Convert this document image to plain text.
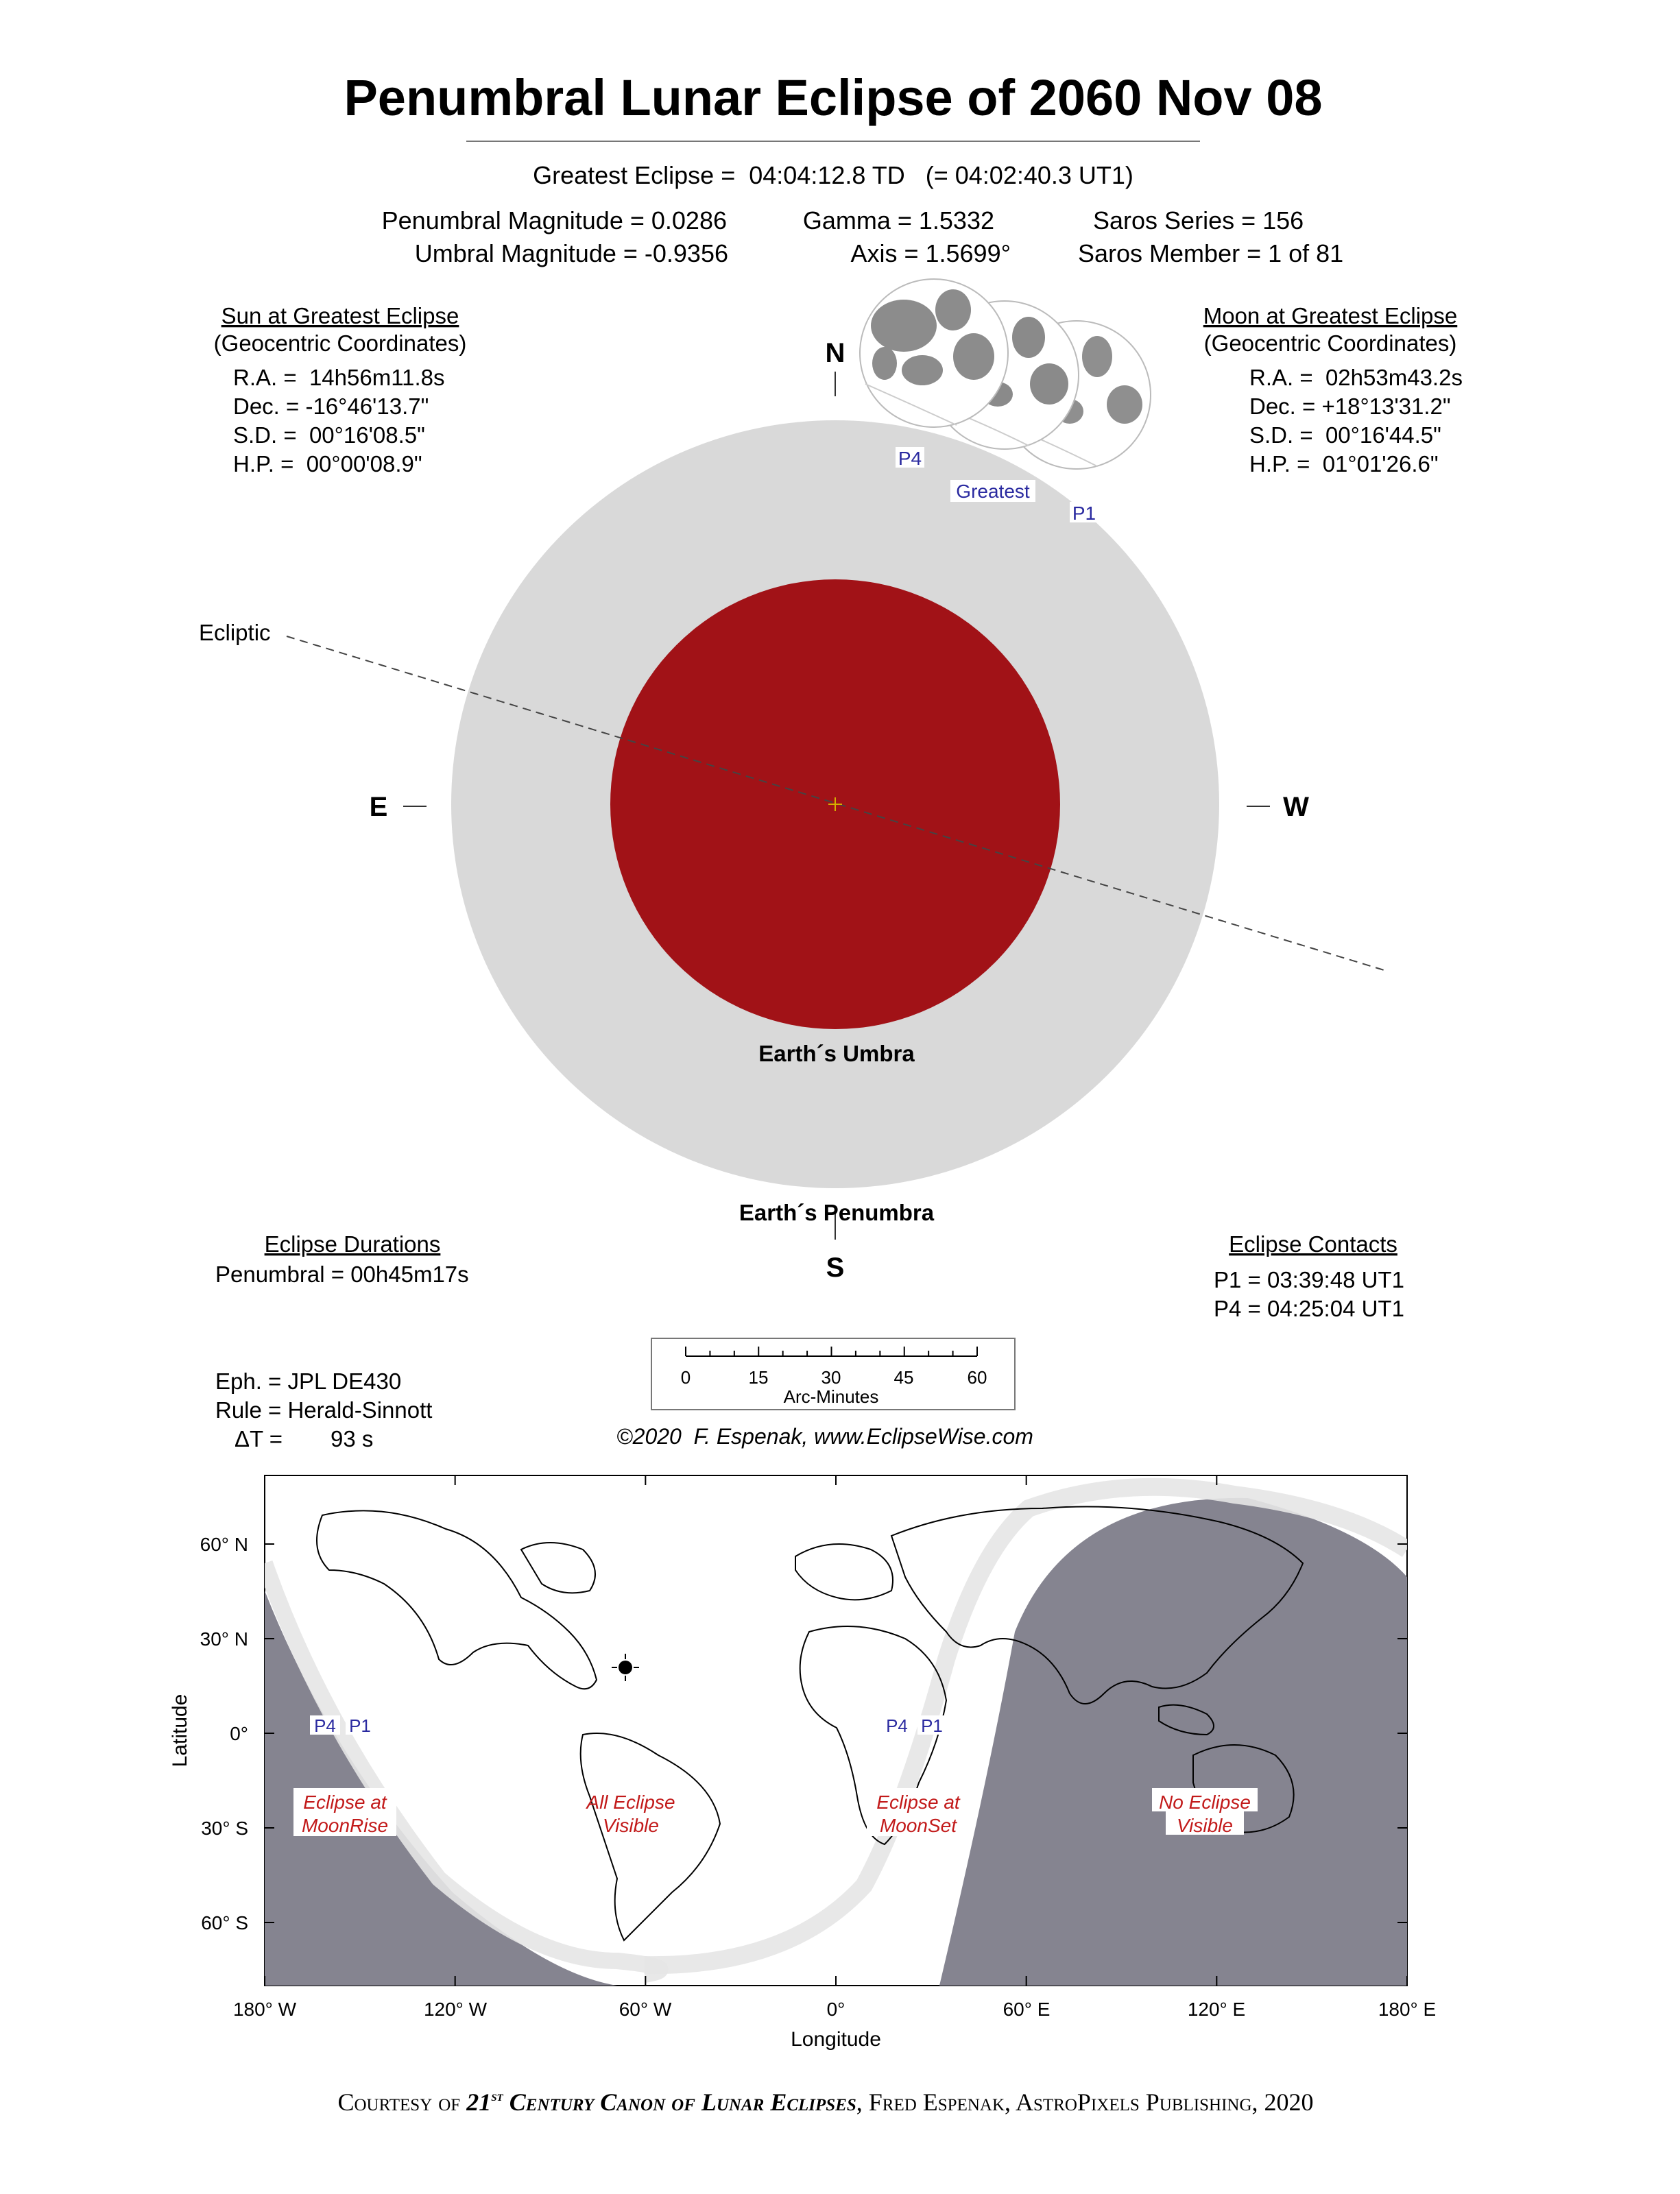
Penumbral Lunar Eclipse of 2060 Nov 08
Greatest Eclipse =  04:04:12.8 TD   (= 04:02:40.3 UT1)
Penumbral Magnitude = 0.0286
Umbral Magnitude = -0.9356
Gamma = 1.5332
Axis = 1.5699°
Saros Series = 156
Saros Member = 1 of 81
Sun at Greatest Eclipse
(Geocentric Coordinates)
R.A. =  14h56m11.8s
Dec. = -16°46'13.7"
S.D. =  00°16'08.5"
H.P. =  00°00'08.9"
Moon at Greatest Eclipse
(Geocentric Coordinates)
R.A. =  02h53m43.2s
Dec. = +18°13'31.2"
S.D. =  00°16'44.5"
H.P. =  01°01'26.6"
Ecliptic
N
S
E	W
Earth´s Umbra
Earth´s Penumbra
P4
Greatest
P1
Eclipse Durations
Penumbral = 00h45m17s
Eclipse Contacts
P1 = 03:39:48 UT1
P4 = 04:25:04 UT1
Eph. = JPL DE430
Rule = Herald-Sinnott
ΔT = 93 s
0	15	30	45	60
Arc-Minutes
©2020  F. Espenak, www.EclipseWise.com
P4 P1	P4 P1
Eclipse at
MoonRise
All Eclipse
Visible
Eclipse at
MoonSet
No Eclipse
Visible
60° N
30° N
0°
30° S
60° S
180° W	120° W	60° W	0°	60° E	120° E	180° E
Latitude
Longitude
Courtesy of 21st Century Canon of Lunar Eclipses, Fred Espenak, AstroPixels Publishing, 2020
